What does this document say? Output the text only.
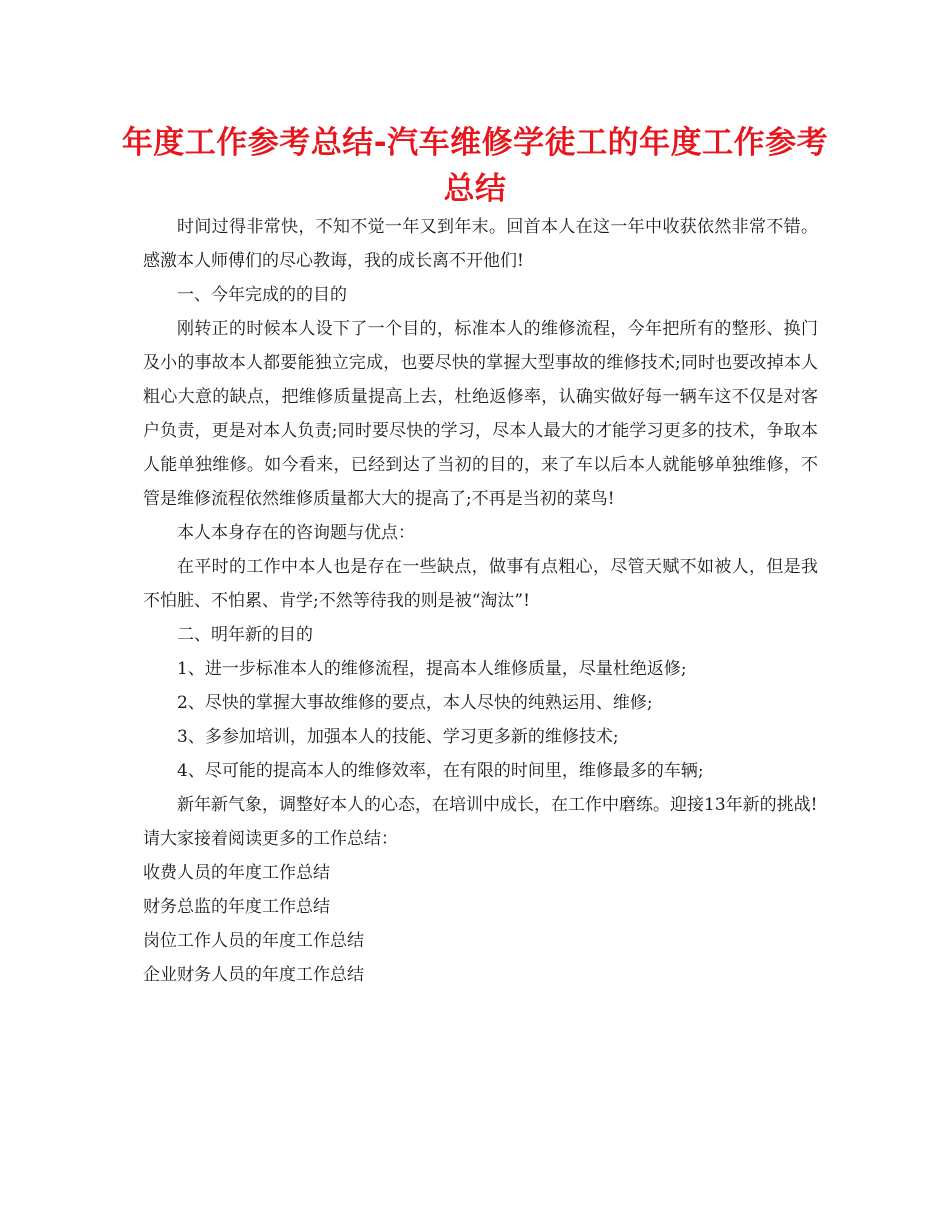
年度工作参考总结-汽车维修学徒工的年度工作参考总结

时间过得非常快，不知不觉一年又到年末。回首本人在这一年中收获依然非常不错。感激本人师傅们的尽心教诲，我的成长离不开他们!

一、今年完成的的目的

刚转正的时候本人设下了一个目的，标准本人的维修流程，今年把所有的整形、换门及小的事故本人都要能独立完成，也要尽快的掌握大型事故的维修技术;同时也要改掉本人粗心大意的缺点，把维修质量提高上去，杜绝返修率，认确实做好每一辆车这不仅是对客户负责，更是对本人负责;同时要尽快的学习，尽本人最大的才能学习更多的技术，争取本人能单独维修。如今看来，已经到达了当初的目的，来了车以后本人就能够单独维修，不管是维修流程依然维修质量都大大的提高了;不再是当初的菜鸟!

本人本身存在的咨询题与优点：

在平时的工作中本人也是存在一些缺点，做事有点粗心，尽管天赋不如被人，但是我不怕脏、不怕累、肯学;不然等待我的则是被“淘汰”!

二、明年新的目的

1、进一步标准本人的维修流程，提高本人维修质量，尽量杜绝返修;

2、尽快的掌握大事故维修的要点，本人尽快的纯熟运用、维修;

3、多参加培训，加强本人的技能、学习更多新的维修技术;

4、尽可能的提高本人的维修效率，在有限的时间里，维修最多的车辆;

新年新气象，调整好本人的心态，在培训中成长，在工作中磨练。迎接13年新的挑战!

请大家接着阅读更多的工作总结：

收费人员的年度工作总结
财务总监的年度工作总结
岗位工作人员的年度工作总结
企业财务人员的年度工作总结
